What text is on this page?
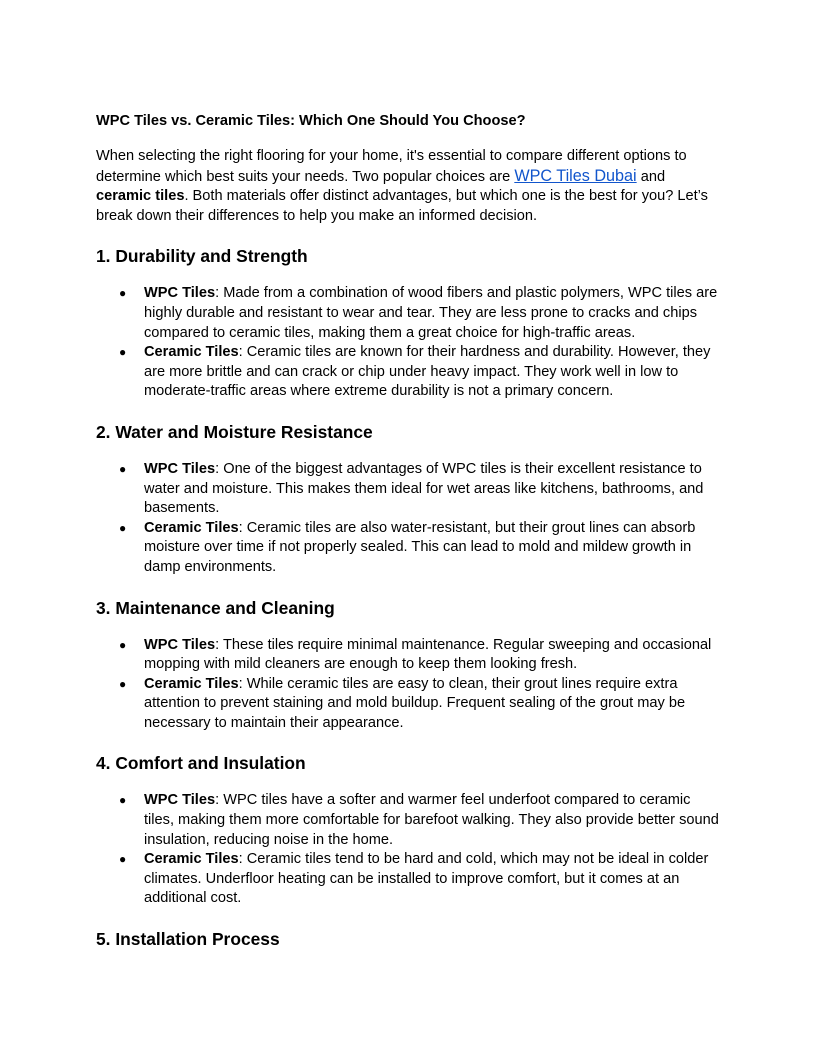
WPC Tiles vs. Ceramic Tiles: Which One Should You Choose?

When selecting the right flooring for your home, it's essential to compare different options to determine which best suits your needs. Two popular choices are WPC Tiles Dubai and ceramic tiles. Both materials offer distinct advantages, but which one is the best for you? Let’s break down their differences to help you make an informed decision.

1. Durability and Strength
● WPC Tiles: Made from a combination of wood fibers and plastic polymers, WPC tiles are highly durable and resistant to wear and tear. They are less prone to cracks and chips compared to ceramic tiles, making them a great choice for high-traffic areas.
● Ceramic Tiles: Ceramic tiles are known for their hardness and durability. However, they are more brittle and can crack or chip under heavy impact. They work well in low to moderate-traffic areas where extreme durability is not a primary concern.
2. Water and Moisture Resistance
● WPC Tiles: One of the biggest advantages of WPC tiles is their excellent resistance to water and moisture. This makes them ideal for wet areas like kitchens, bathrooms, and basements.
● Ceramic Tiles: Ceramic tiles are also water-resistant, but their grout lines can absorb moisture over time if not properly sealed. This can lead to mold and mildew growth in damp environments.
3. Maintenance and Cleaning
● WPC Tiles: These tiles require minimal maintenance. Regular sweeping and occasional mopping with mild cleaners are enough to keep them looking fresh.
● Ceramic Tiles: While ceramic tiles are easy to clean, their grout lines require extra attention to prevent staining and mold buildup. Frequent sealing of the grout may be necessary to maintain their appearance.
4. Comfort and Insulation
● WPC Tiles: WPC tiles have a softer and warmer feel underfoot compared to ceramic tiles, making them more comfortable for barefoot walking. They also provide better sound insulation, reducing noise in the home.
● Ceramic Tiles: Ceramic tiles tend to be hard and cold, which may not be ideal in colder climates. Underfloor heating can be installed to improve comfort, but it comes at an additional cost.
5. Installation Process
